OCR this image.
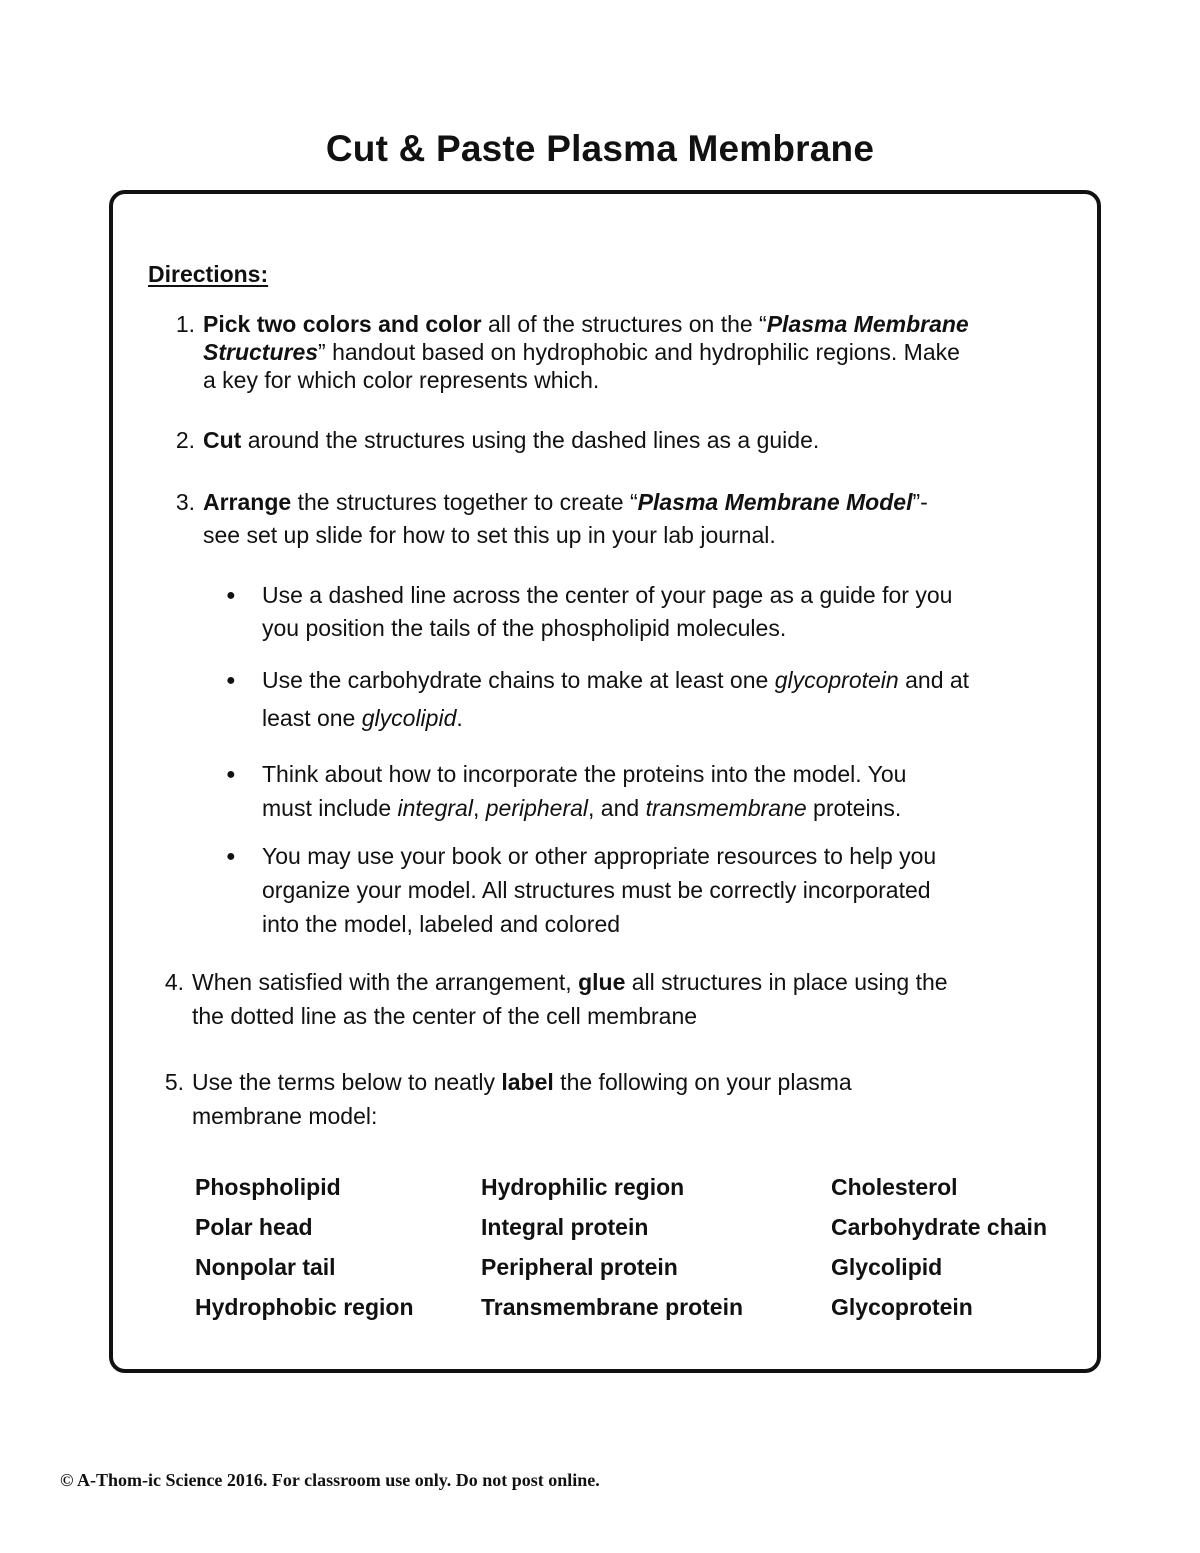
Cut & Paste Plasma Membrane
Directions:
1. Pick two colors and color all of the structures on the “Plasma Membrane
Structures” handout based on hydrophobic and hydrophilic regions. Make
a key for which color represents which.
2. Cut around the structures using the dashed lines as a guide.
3. Arrange the structures together to create “Plasma Membrane Model”-
see set up slide for how to set this up in your lab journal.
4. When satisfied with the arrangement, glue all structures in place using the
the dotted line as the center of the cell membrane
5. Use the terms below to neatly label the following on your plasma
membrane model:
● Use a dashed line across the center of your page as a guide for you
you position the tails of the phospholipid molecules.
● Use the carbohydrate chains to make at least one glycoprotein and at
least one glycolipid.
● Think about how to incorporate the proteins into the model. You
must include integral, peripheral, and transmembrane proteins.
● You may use your book or other appropriate resources to help you
organize your model. All structures must be correctly incorporated
into the model, labeled and colored
Phospholipid
Polar head
Nonpolar tail
Hydrophobic region
Hydrophilic region
Integral protein
Peripheral protein
Transmembrane protein
Cholesterol
Carbohydrate chain
Glycolipid
Glycoprotein
© A-Thom-ic Science 2016. For classroom use only. Do not post online.
